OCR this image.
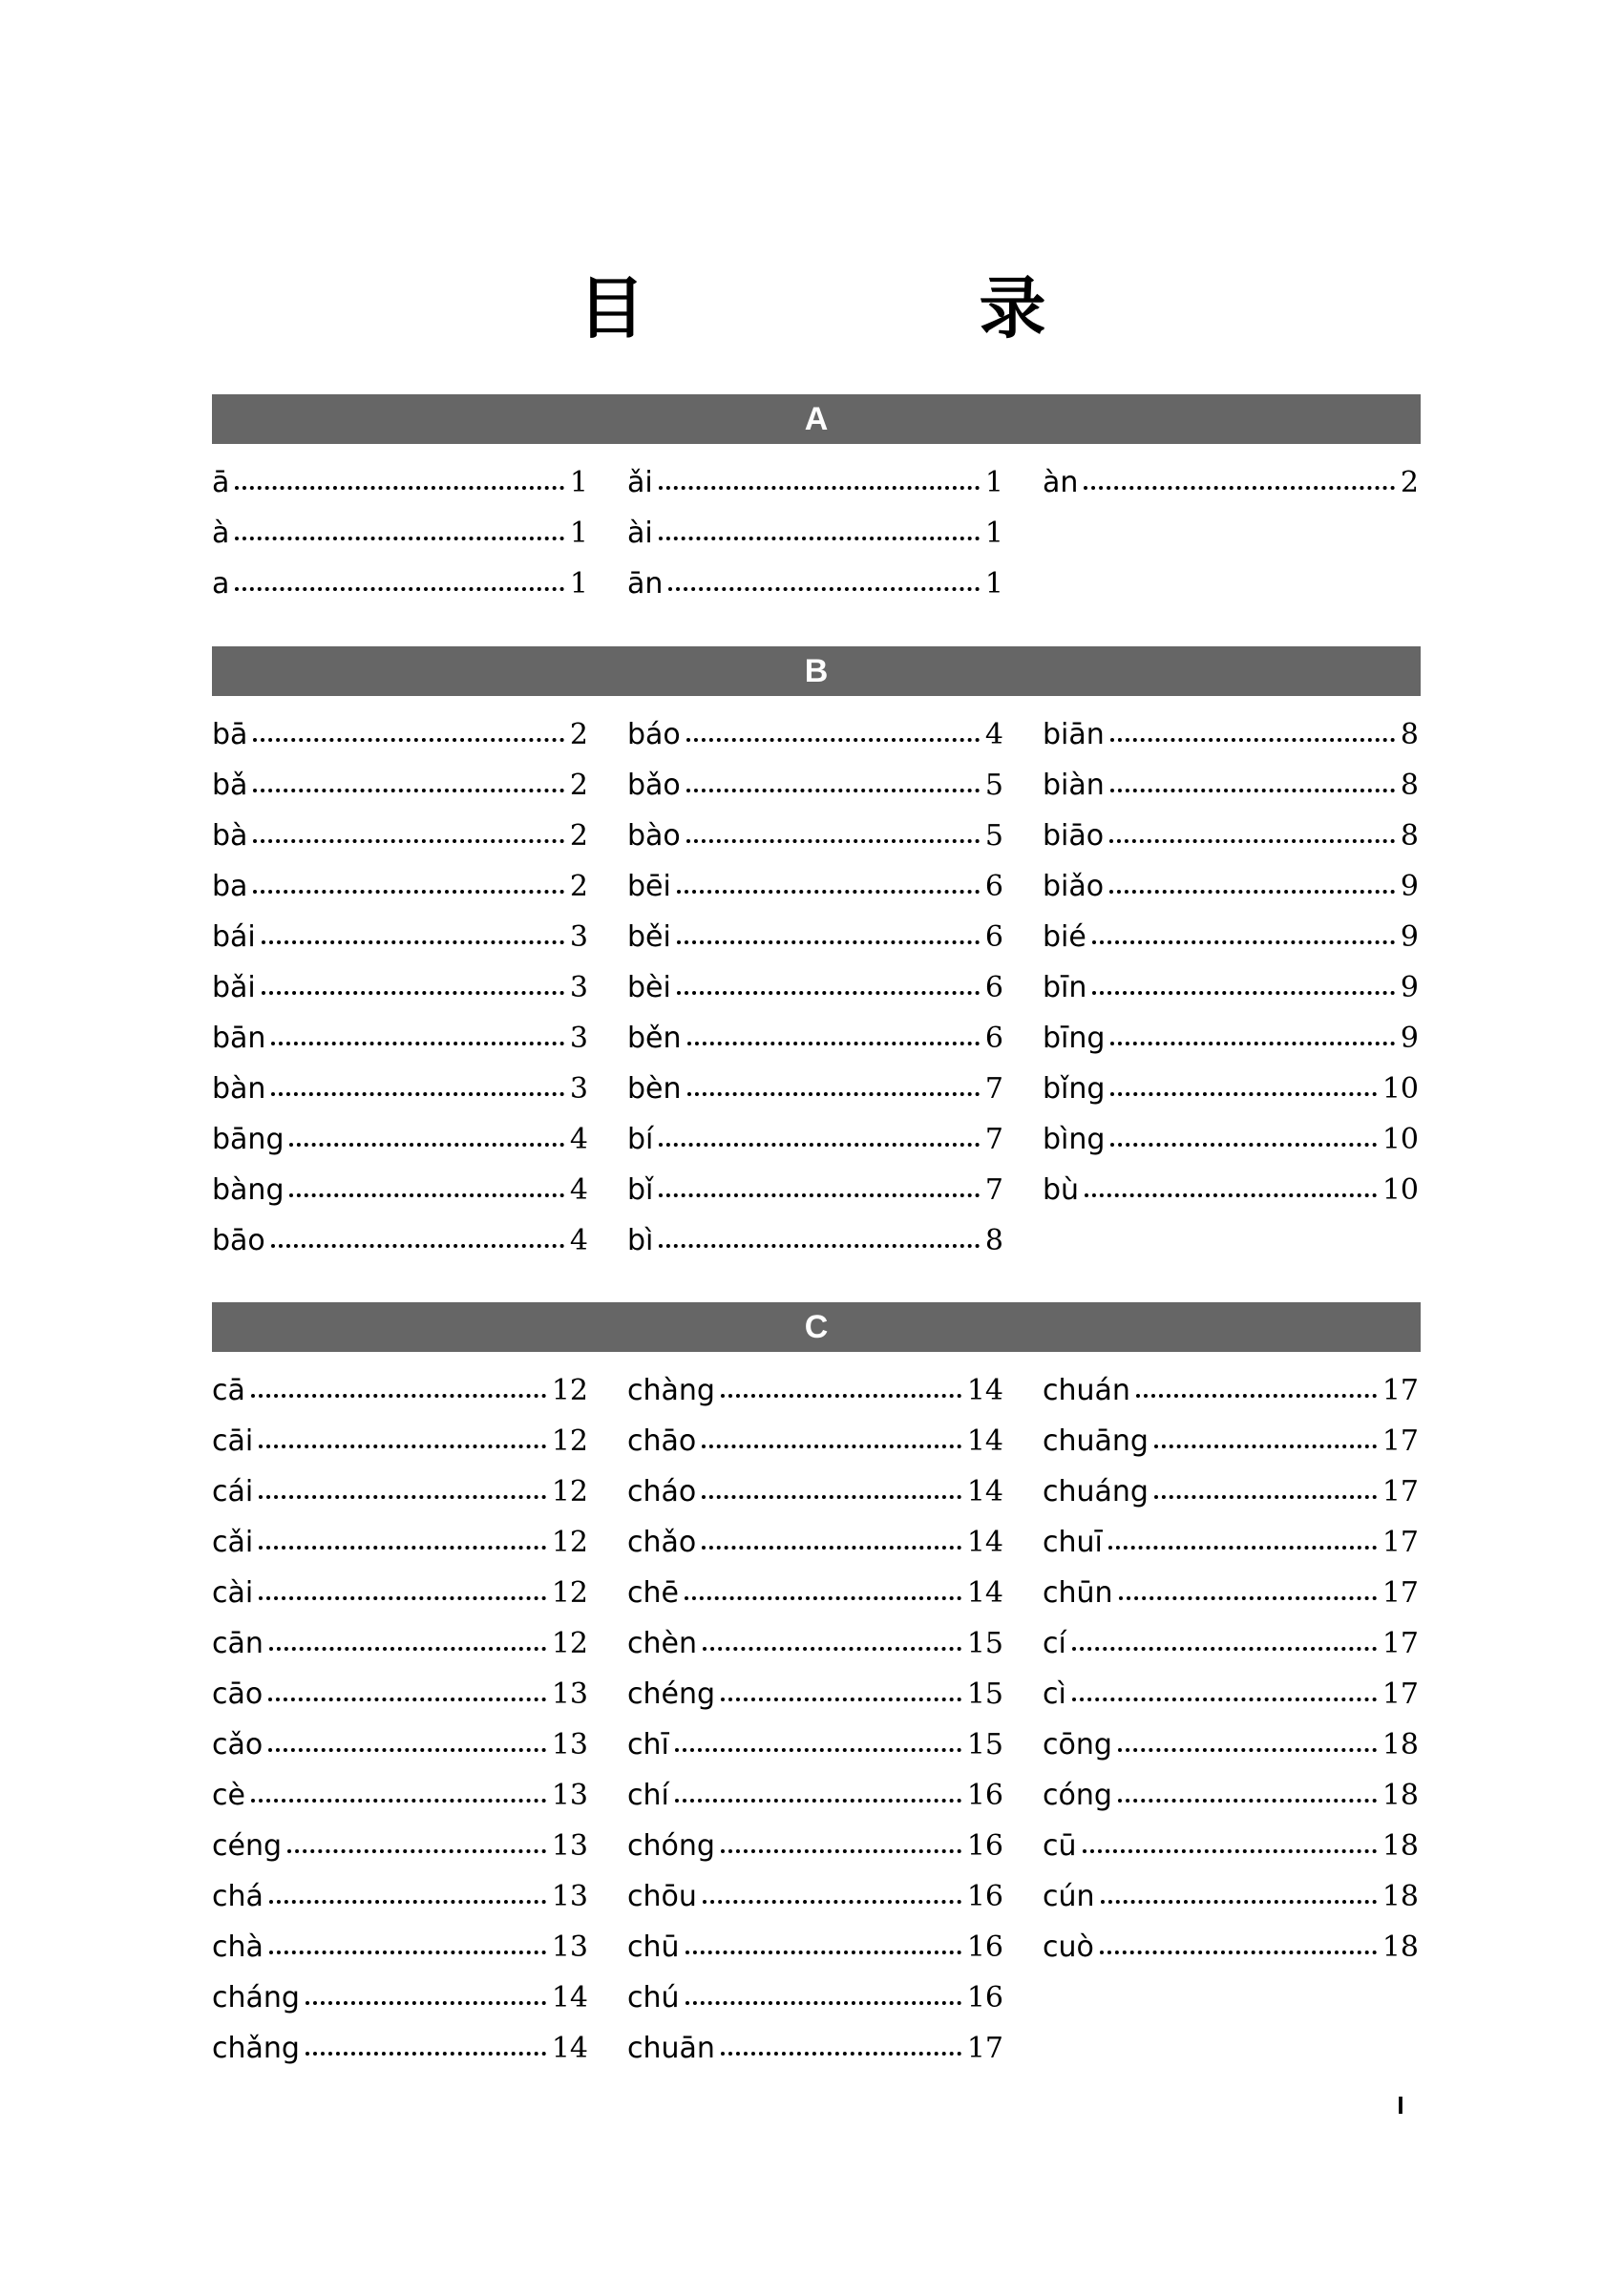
目　录
A
ā	1
à	1
a	1
ǎi	1
ài	1
ān	1
àn	2
B
bā	2
bǎ	2
bà	2
ba	2
bái	3
bǎi	3
bān	3
bàn	3
bāng	4
bàng	4
bāo	4
báo	4
bǎo	5
bào	5
bēi	6
běi	6
bèi	6
běn	6
bèn	7
bí	7
bǐ	7
bì	8
biān	8
biàn	8
biāo	8
biǎo	9
bié	9
bīn	9
bīng	9
bǐng	10
bìng	10
bù	10
C
cā	12
cāi	12
cái	12
cǎi	12
cài	12
cān	12
cāo	13
cǎo	13
cè	13
céng	13
chá	13
chà	13
cháng	14
chǎng	14
chàng	14
chāo	14
cháo	14
chǎo	14
chē	14
chèn	15
chéng	15
chī	15
chí	16
chóng	16
chōu	16
chū	16
chú	16
chuān	17
chuán	17
chuāng	17
chuáng	17
chuī	17
chūn	17
cí	17
cì	17
cōng	18
cóng	18
cū	18
cún	18
cuò	18
I
